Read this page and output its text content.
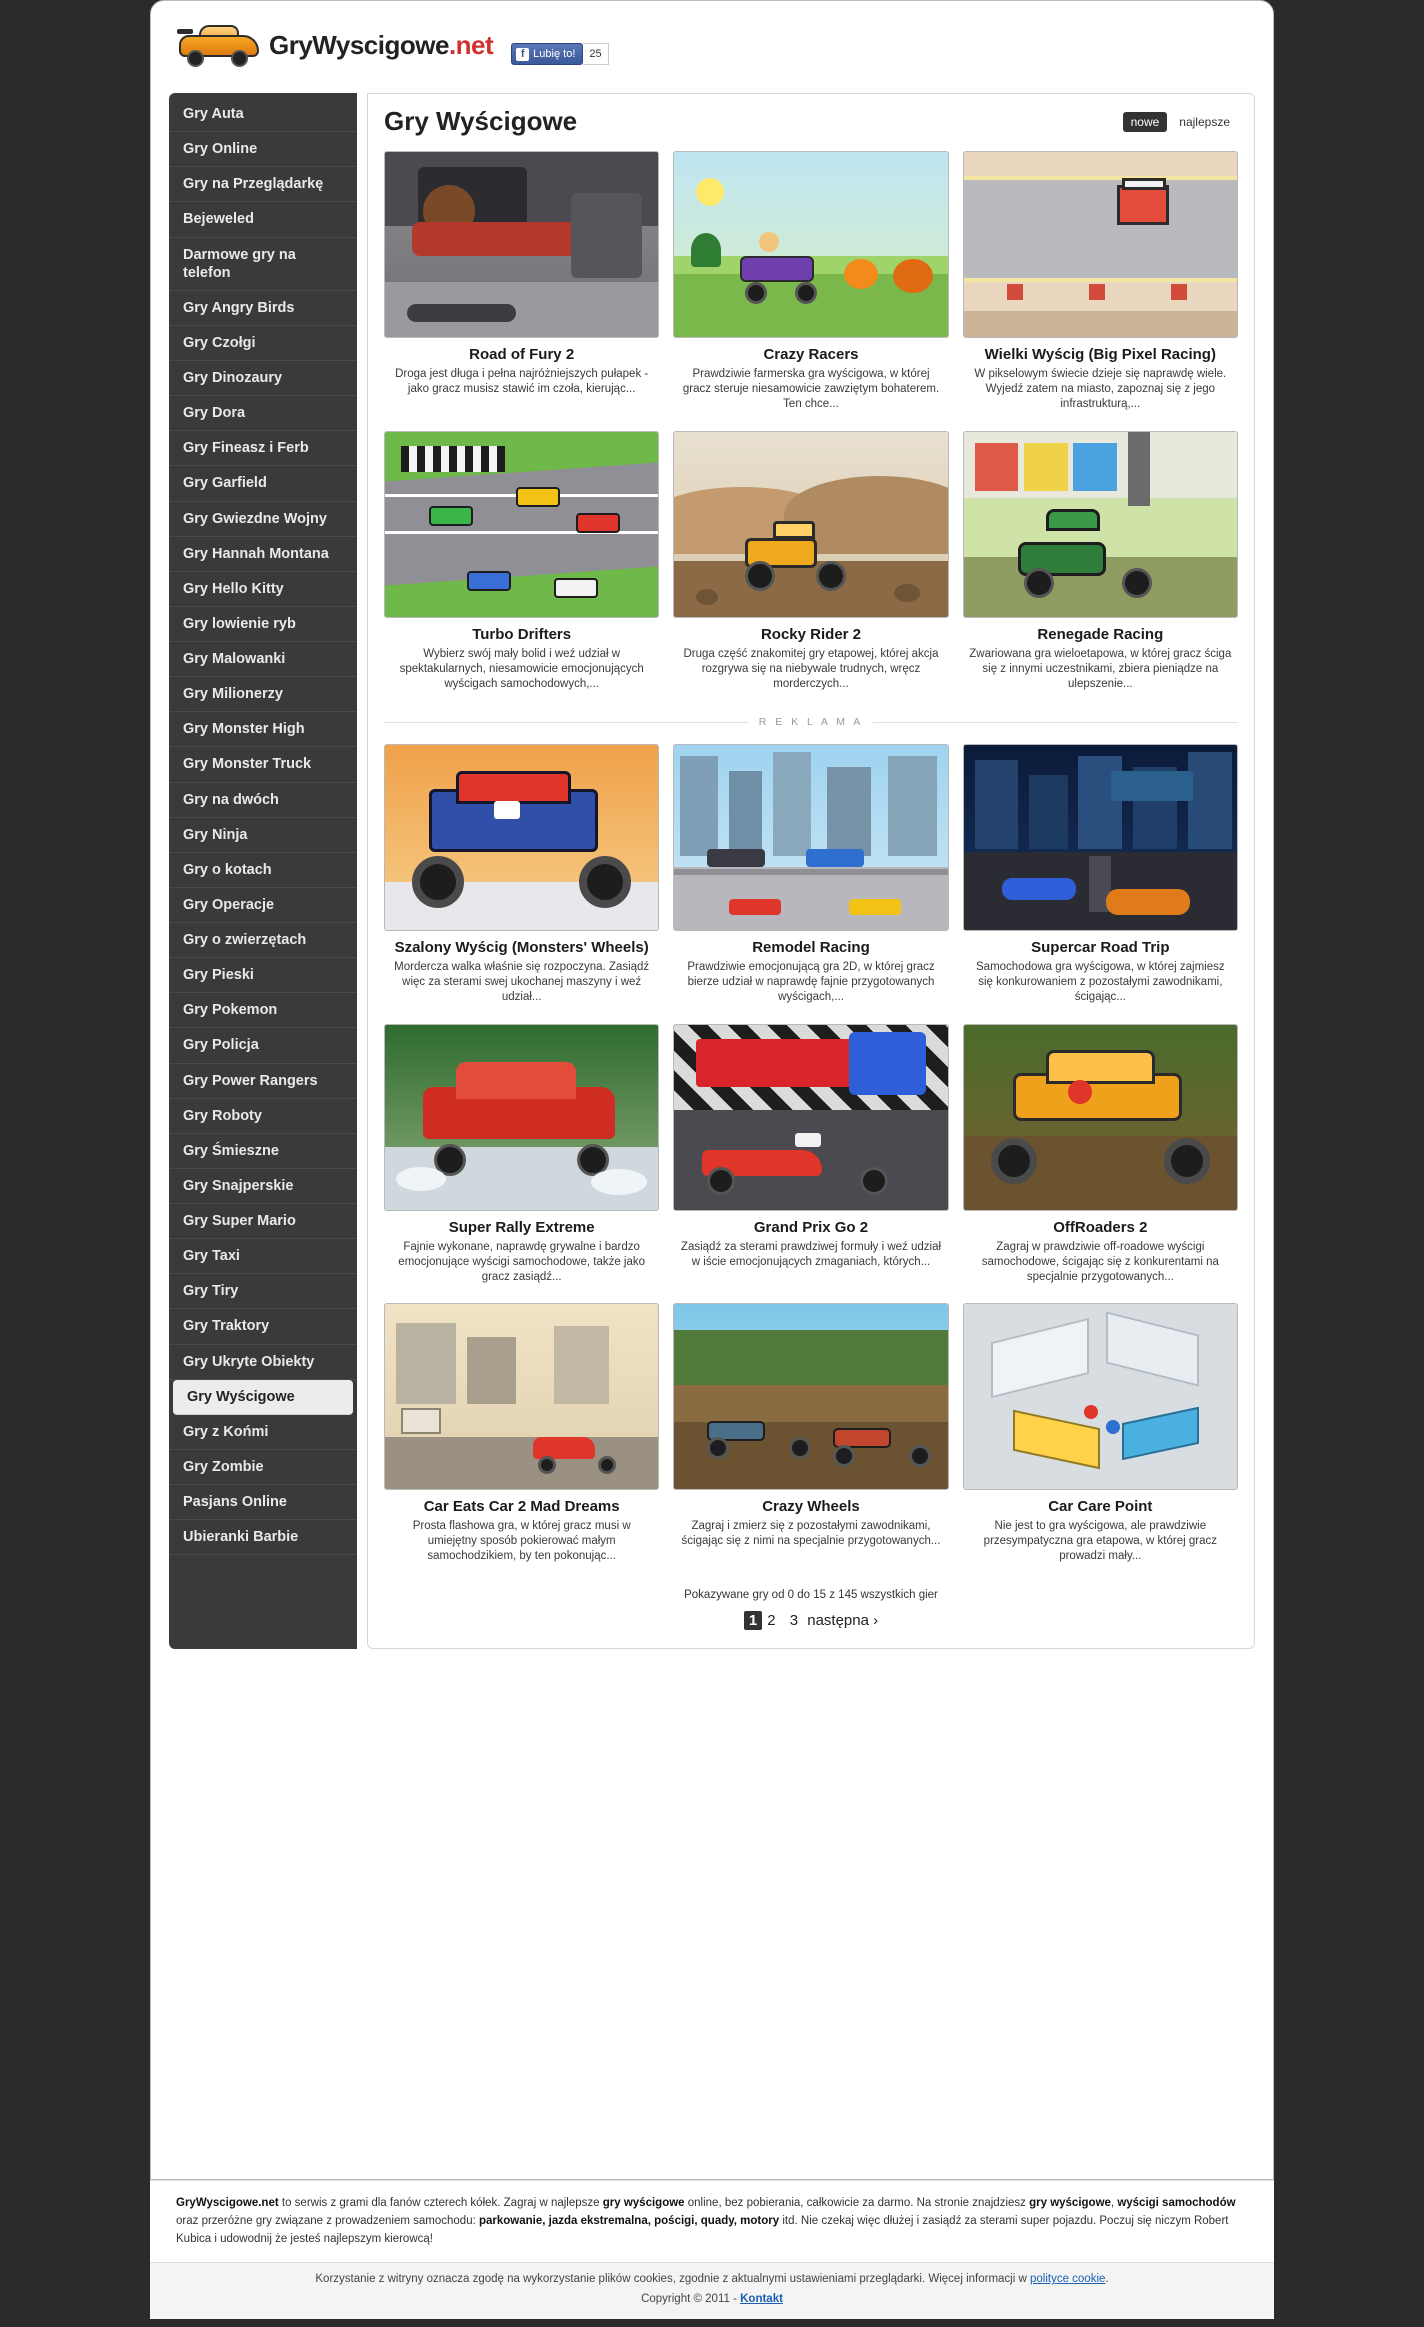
GryWyscigowe.net	f Lubię to!	25
Gry Auta
Gry Online
Gry na Przeglądarkę
Bejeweled
Darmowe gry na telefon
Gry Angry Birds
Gry Czołgi
Gry Dinozaury
Gry Dora
Gry Fineasz i Ferb
Gry Garfield
Gry Gwiezdne Wojny
Gry Hannah Montana
Gry Hello Kitty
Gry lowienie ryb
Gry Malowanki
Gry Milionerzy
Gry Monster High
Gry Monster Truck
Gry na dwóch
Gry Ninja
Gry o kotach
Gry Operacje
Gry o zwierzętach
Gry Pieski
Gry Pokemon
Gry Policja
Gry Power Rangers
Gry Roboty
Gry Śmieszne
Gry Snajperskie
Gry Super Mario
Gry Taxi
Gry Tiry
Gry Traktory
Gry Ukryte Obiekty
Gry Wyścigowe
Gry z Końmi
Gry Zombie
Pasjans Online
Ubieranki Barbie
Gry Wyścigowe	nowe	najlepsze
Road of Fury 2
Droga jest długa i pełna najróżniejszych pułapek - jako gracz musisz stawić im czoła, kierując...
Crazy Racers
Prawdziwie farmerska gra wyścigowa, w której gracz steruje niesamowicie zawziętym bohaterem. Ten chce...
Wielki Wyścig (Big Pixel Racing)
W pikselowym świecie dzieje się naprawdę wiele. Wyjedź zatem na miasto, zapoznaj się z jego infrastrukturą,...
Turbo Drifters
Wybierz swój mały bolid i weź udział w spektakularnych, niesamowicie emocjonujących wyścigach samochodowych,...
Rocky Rider 2
Druga część znakomitej gry etapowej, której akcja rozgrywa się na niebywale trudnych, wręcz morderczych...
Renegade Racing
Zwariowana gra wieloetapowa, w której gracz ściga się z innymi uczestnikami, zbiera pieniądze na ulepszenie...
R E K L A M A
Szalony Wyścig (Monsters' Wheels)
Mordercza walka właśnie się rozpoczyna. Zasiądź więc za sterami swej ukochanej maszyny i weź udział...
Remodel Racing
Prawdziwie emocjonującą gra 2D, w której gracz bierze udział w naprawdę fajnie przygotowanych wyścigach,...
Supercar Road Trip
Samochodowa gra wyścigowa, w której zajmiesz się konkurowaniem z pozostałymi zawodnikami, ścigając...
Super Rally Extreme
Fajnie wykonane, naprawdę grywalne i bardzo emocjonujące wyścigi samochodowe, także jako gracz zasiądź...
Grand Prix Go 2
Zasiądź za sterami prawdziwej formuły i weź udział w iście emocjonujących zmaganiach, których...
OffRoaders 2
Zagraj w prawdziwie off-roadowe wyścigi samochodowe, ścigając się z konkurentami na specjalnie przygotowanych...
Car Eats Car 2 Mad Dreams
Prosta flashowa gra, w której gracz musi w umiejętny sposób pokierować małym samochodzikiem, by ten pokonując...
Crazy Wheels
Zagraj i zmierz się z pozostałymi zawodnikami, ścigając się z nimi na specjalnie przygotowanych...
Car Care Point
Nie jest to gra wyścigowa, ale prawdziwie przesympatyczna gra etapowa, w której gracz prowadzi mały...
Pokazywane gry od 0 do 15 z 145 wszystkich gier
1 2 3 następna ›
GryWyscigowe.net to serwis z grami dla fanów czterech kółek. Zagraj w najlepsze gry wyścigowe online, bez pobierania, całkowicie za darmo. Na stronie znajdziesz gry wyścigowe, wyścigi samochodów oraz przeróżne gry związane z prowadzeniem samochodu: parkowanie, jazda ekstremalna, pościgi, quady, motory itd. Nie czekaj więc dłużej i zasiądź za sterami super pojazdu. Poczuj się niczym Robert Kubica i udowodnij że jesteś najlepszym kierowcą!
Korzystanie z witryny oznacza zgodę na wykorzystanie plików cookies, zgodnie z aktualnymi ustawieniami przeglądarki. Więcej informacji w polityce cookie.
Copyright © 2011 - Kontakt
